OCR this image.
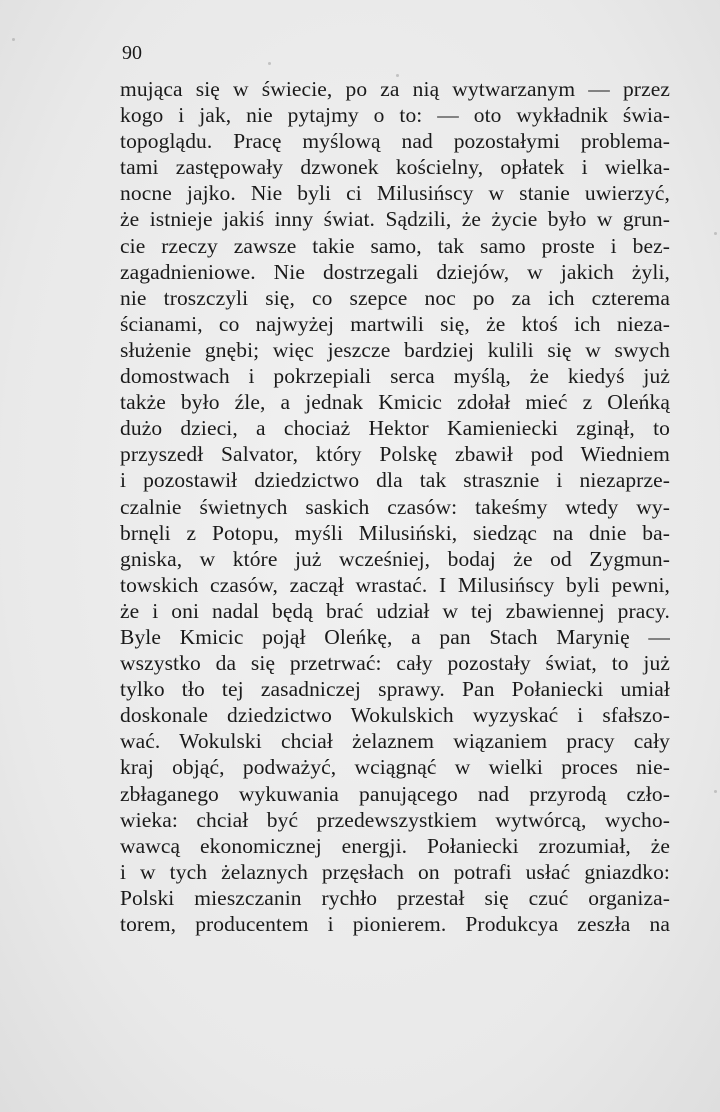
90
mująca się w świecie, po za nią wytwarzanym — przez
kogo i jak, nie pytajmy o to: — oto wykładnik świa-
topoglądu. Pracę myślową nad pozostałymi problema-
tami zastępowały dzwonek kościelny, opłatek i wielka-
nocne jajko. Nie byli ci Milusińscy w stanie uwierzyć,
że istnieje jakiś inny świat. Sądzili, że życie było w grun-
cie rzeczy zawsze takie samo, tak samo proste i bez-
zagadnieniowe. Nie dostrzegali dziejów, w jakich żyli,
nie troszczyli się, co szepce noc po za ich czterema
ścianami, co najwyżej martwili się, że ktoś ich nieza-
służenie gnębi; więc jeszcze bardziej kulili się w swych
domostwach i pokrzepiali serca myślą, że kiedyś już
także było źle, a jednak Kmicic zdołał mieć z Oleńką
dużo dzieci, a chociaż Hektor Kamieniecki zginął, to
przyszedł Salvator, który Polskę zbawił pod Wiedniem
i pozostawił dziedzictwo dla tak strasznie i niezaprze-
czalnie świetnych saskich czasów: takeśmy wtedy wy-
brnęli z Potopu, myśli Milusiński, siedząc na dnie ba-
gniska, w które już wcześniej, bodaj że od Zygmun-
towskich czasów, zaczął wrastać. I Milusińscy byli pewni,
że i oni nadal będą brać udział w tej zbawiennej pracy.
Byle Kmicic pojął Oleńkę, a pan Stach Marynię —
wszystko da się przetrwać: cały pozostały świat, to już
tylko tło tej zasadniczej sprawy. Pan Połaniecki umiał
doskonale dziedzictwo Wokulskich wyzyskać i sfałszo-
wać. Wokulski chciał żelaznem wiązaniem pracy cały
kraj objąć, podważyć, wciągnąć w wielki proces nie-
zbłaganego wykuwania panującego nad przyrodą czło-
wieka: chciał być przedewszystkiem wytwórcą, wycho-
wawcą ekonomicznej energji. Połaniecki zrozumiał, że
i w tych żelaznych przęsłach on potrafi usłać gniazdko:
Polski mieszczanin rychło przestał się czuć organiza-
torem, producentem i pionierem. Produkcya zeszła na
